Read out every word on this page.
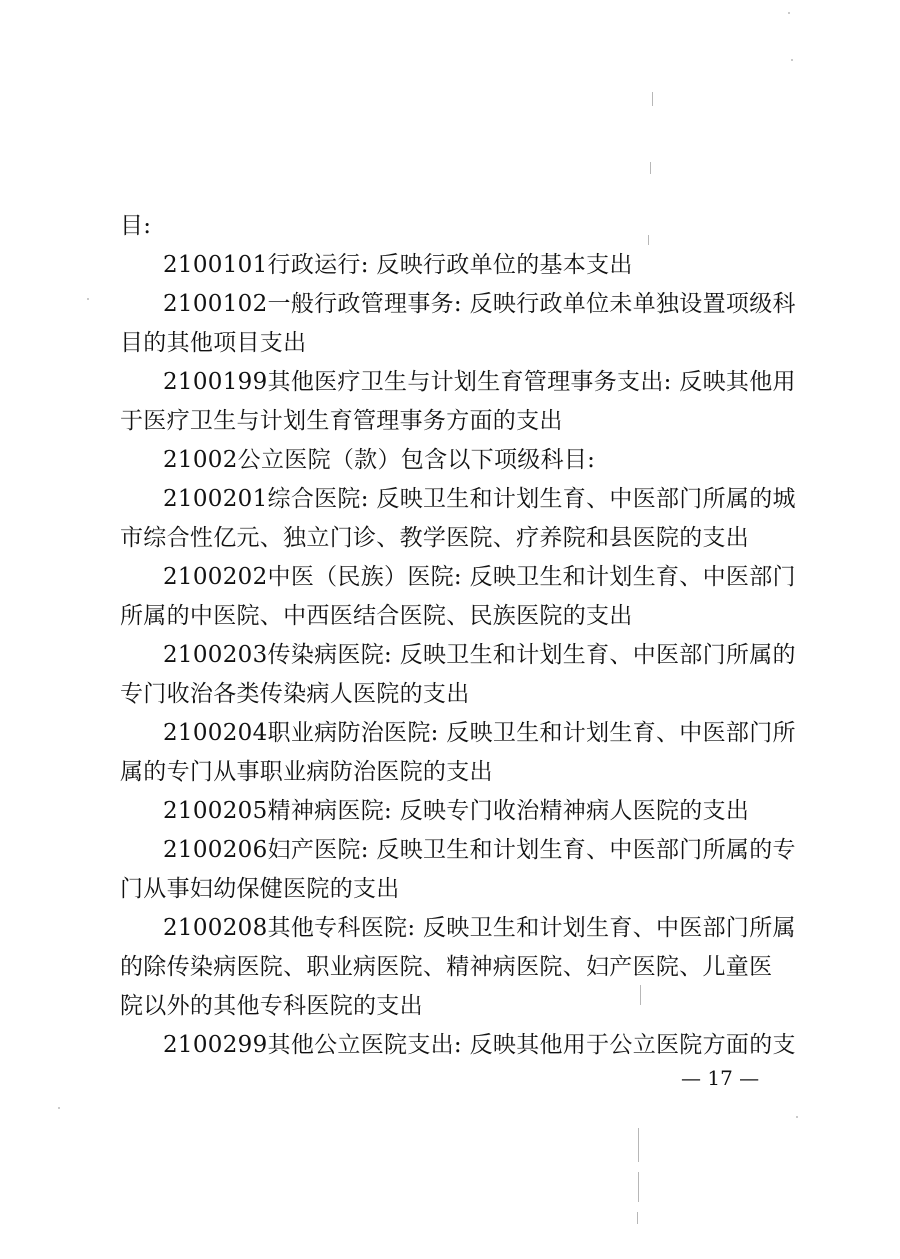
目:
2100101行政运行: 反映行政单位的基本支出
2100102一般行政管理事务: 反映行政单位未单独设置项级科
目的其他项目支出
2100199其他医疗卫生与计划生育管理事务支出: 反映其他用
于医疗卫生与计划生育管理事务方面的支出
21002公立医院（款）包含以下项级科目:
2100201综合医院: 反映卫生和计划生育、中医部门所属的城
市综合性亿元、独立门诊、教学医院、疗养院和县医院的支出
2100202中医（民族）医院: 反映卫生和计划生育、中医部门
所属的中医院、中西医结合医院、民族医院的支出
2100203传染病医院: 反映卫生和计划生育、中医部门所属的
专门收治各类传染病人医院的支出
2100204职业病防治医院: 反映卫生和计划生育、中医部门所
属的专门从事职业病防治医院的支出
2100205精神病医院: 反映专门收治精神病人医院的支出
2100206妇产医院: 反映卫生和计划生育、中医部门所属的专
门从事妇幼保健医院的支出
2100208其他专科医院: 反映卫生和计划生育、中医部门所属
的除传染病医院、职业病医院、精神病医院、妇产医院、儿童医
院以外的其他专科医院的支出
2100299其他公立医院支出: 反映其他用于公立医院方面的支
— 17 —
